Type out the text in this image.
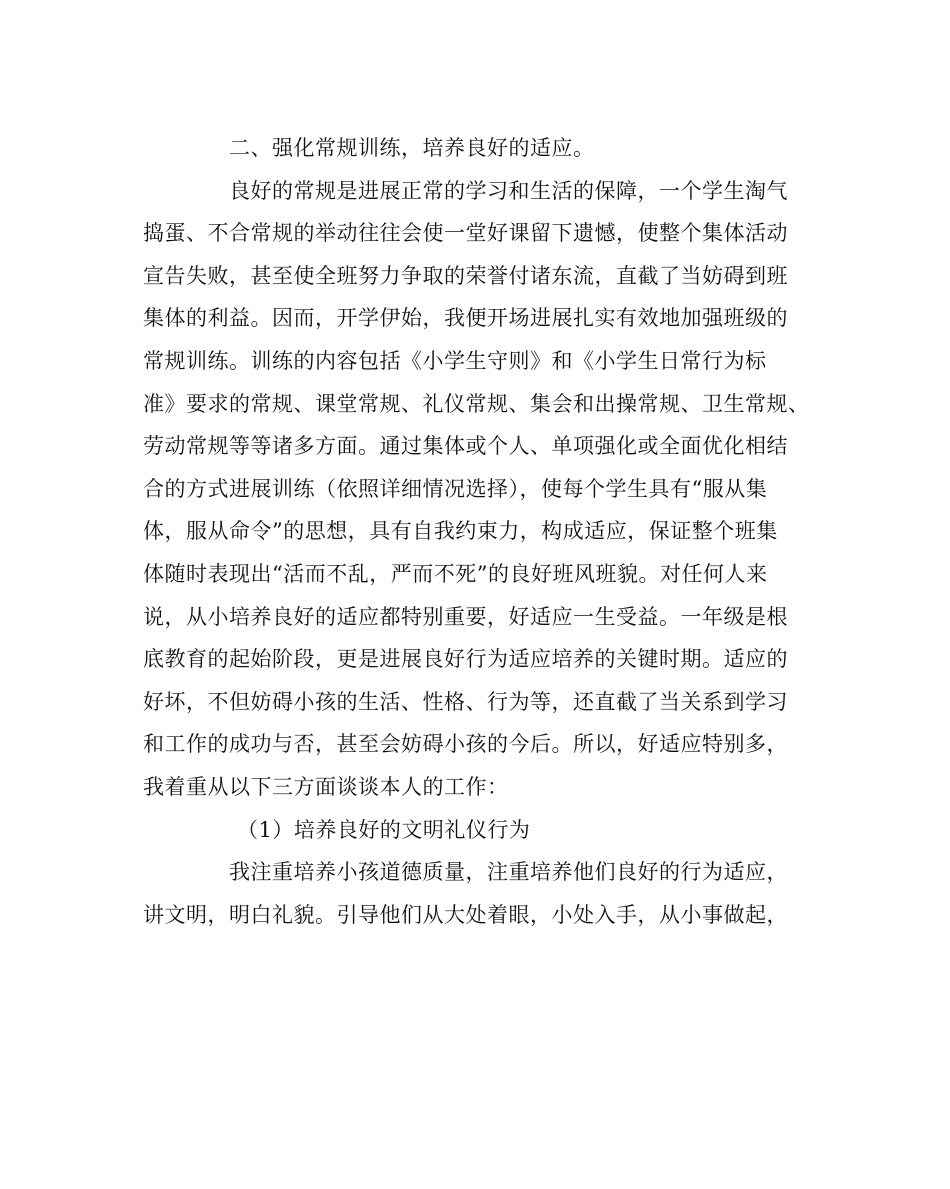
二、强化常规训练，培养良好的适应。
良好的常规是进展正常的学习和生活的保障，一个学生淘气
捣蛋、不合常规的举动往往会使一堂好课留下遗憾，使整个集体活动
宣告失败，甚至使全班努力争取的荣誉付诸东流，直截了当妨碍到班
集体的利益。因而，开学伊始，我便开场进展扎实有效地加强班级的
常规训练。训练的内容包括《小学生守则》和《小学生日常行为标
准》要求的常规、课堂常规、礼仪常规、集会和出操常规、卫生常规、
劳动常规等等诸多方面。通过集体或个人、单项强化或全面优化相结
合的方式进展训练（依照详细情况选择），使每个学生具有“服从集
体，服从命令”的思想，具有自我约束力，构成适应，保证整个班集
体随时表现出“活而不乱，严而不死”的良好班风班貌。对任何人来
说，从小培养良好的适应都特别重要，好适应一生受益。一年级是根
底教育的起始阶段，更是进展良好行为适应培养的关键时期。适应的
好坏，不但妨碍小孩的生活、性格、行为等，还直截了当关系到学习
和工作的成功与否，甚至会妨碍小孩的今后。所以，好适应特别多，
我着重从以下三方面谈谈本人的工作：
（1）培养良好的文明礼仪行为
我注重培养小孩道德质量，注重培养他们良好的行为适应，
讲文明，明白礼貌。引导他们从大处着眼，小处入手，从小事做起，
